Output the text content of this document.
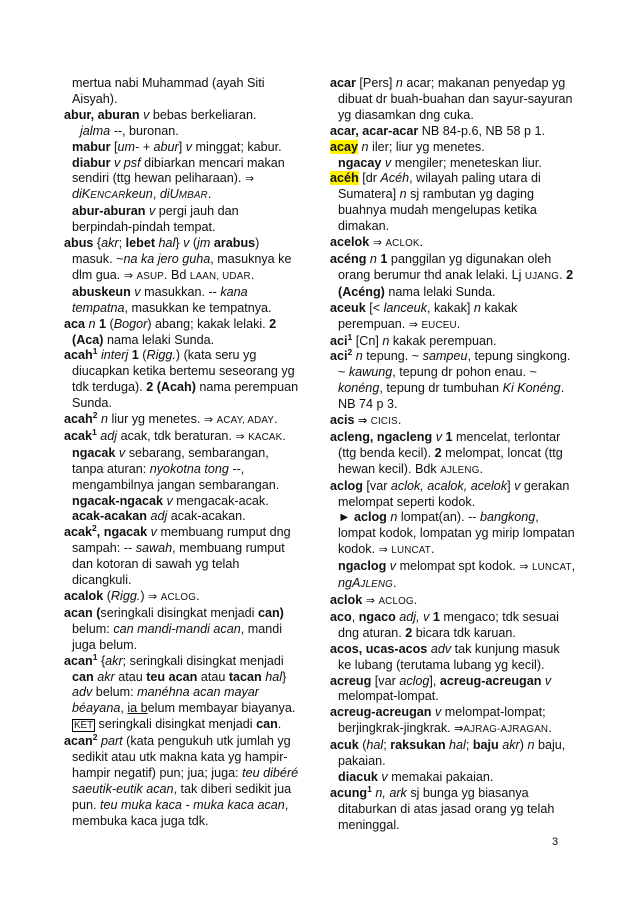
mertua nabi Muhammad (ayah Siti Aisyah).

abur, aburan v bebas berkeliaran.
jalma --, buronan.

mabur [um- + abur] v minggat; kabur.

diabur v psf dibiarkan mencari makan sendiri (ttg hewan peliharaan). ⇒
diKENCARkeun, diUMBAR.

abur-aburan v pergi jauh dan berpindah-pindah tempat.

abus {akr; lebet hal} v (jm arabus) masuk. ~na ka jero guha, masuknya ke dlm gua. ⇒ ASUP. Bd LAAN, UDAR.

abuskeun v masukkan. -- kana tempatna, masukkan ke tempatnya.

aca n 1 (Bogor) abang; kakak lelaki. 2 (Aca) nama lelaki Sunda.

acah$^1$ interj 1 (Rigg.) (kata seru yg diucapkan ketika bertemu seseorang yg tdk terduga). 2 (Acah) nama perempuan Sunda.

acah$^2$ n liur yg menetes. ⇒ ACAY, ADAY.

acak$^1$ adj acak, tdk beraturan. ⇒ KACAK.

ngacak v sebarang, sembarangan, tanpa aturan: nyokotna tong --, mengambilnya jangan sembarangan.

ngacak-ngacak v mengacak-acak.

acak-acakan adj acak-acakan.

acak$^2$, ngacak v membuang rumput dng sampah: -- sawah, membuang rumput dan kotoran di sawah yg telah dicangkuli.

acalok (Rigg.) ⇒ ACLOG.

acan (seringkali disingkat menjadi can) belum: can mandi-mandi acan, mandi juga belum.

acan$^1$ {akr; seringkali disingkat menjadi can akr atau teu acan atau tacan hal} adv belum: manéhna acan mayar béayana, ia belum membayar biayanya. KET seringkali disingkat menjadi can.

acan$^2$ part (kata pengukuh utk jumlah yg sedikit atau utk makna kata yg hampir-hampir negatif) pun; jua; juga: teu dibéré saeutik-eutik acan, tak diberi sedikit jua pun. teu muka kaca - muka kaca acan, membuka kaca juga tdk.

acar [Pers] n acar; makanan penyedap yg dibuat dr buah-buahan dan sayur-sayuran yg diasamkan dng cuka.

acar, acar-acar NB 84-p.6, NB 58 p 1.

acay n iler; liur yg menetes.

ngacay v mengiler; meneteskan liur.

acéh [dr Acéh, wilayah paling utara di Sumatera] n sj rambutan yg daging buahnya mudah mengelupas ketika dimakan.

acelok ⇒ ACLOK.

acéng n 1 panggilan yg digunakan oleh orang berumur thd anak lelaki. Lj UJANG. 2 (Acéng) nama lelaki Sunda.

aceuk [< lanceuk, kakak] n kakak perempuan. ⇒ EUCEU.

aci$^1$ [Cn] n kakak perempuan.

aci$^2$ n tepung. ~ sampeu, tepung singkong. ~ kawung, tepung dr pohon enau. ~ konéng, tepung dr tumbuhan Ki Konéng. NB 74 p 3.

acis ⇒ CICIS.

acleng, ngacleng v 1 mencelat, terlontar (ttg benda kecil). 2 melompat, loncat (ttg hewan kecil). Bdk AJLENG.

aclog [var aclok, acalok, acelok] v gerakan melompat seperti kodok.
► aclog n lompat(an). -- bangkong, lompat kodok, lompatan yg mirip lompatan kodok. ⇒ LUNCAT.

ngaclog v melompat spt kodok. ⇒ LUNCAT, ngAJLENG.

aclok ⇒ ACLOG.

aco, ngaco adj, v 1 mengaco; tdk sesuai dng aturan. 2 bicara tdk karuan.

acos, ucas-acos adv tak kunjung masuk ke lubang (terutama lubang yg kecil).

acreug [var aclog], acreug-acreugan v melompat-lompat.

acreug-acreugan v melompat-lompat; berjingkrak-jingkrak. ⇒AJRAG-AJRAGAN.

acuk (hal; raksukan hal; baju akr) n baju, pakaian.

diacuk v memakai pakaian.

acung$^1$ n, ark sj bunga yg biasanya ditaburkan di atas jasad orang yg telah meninggal.

3
